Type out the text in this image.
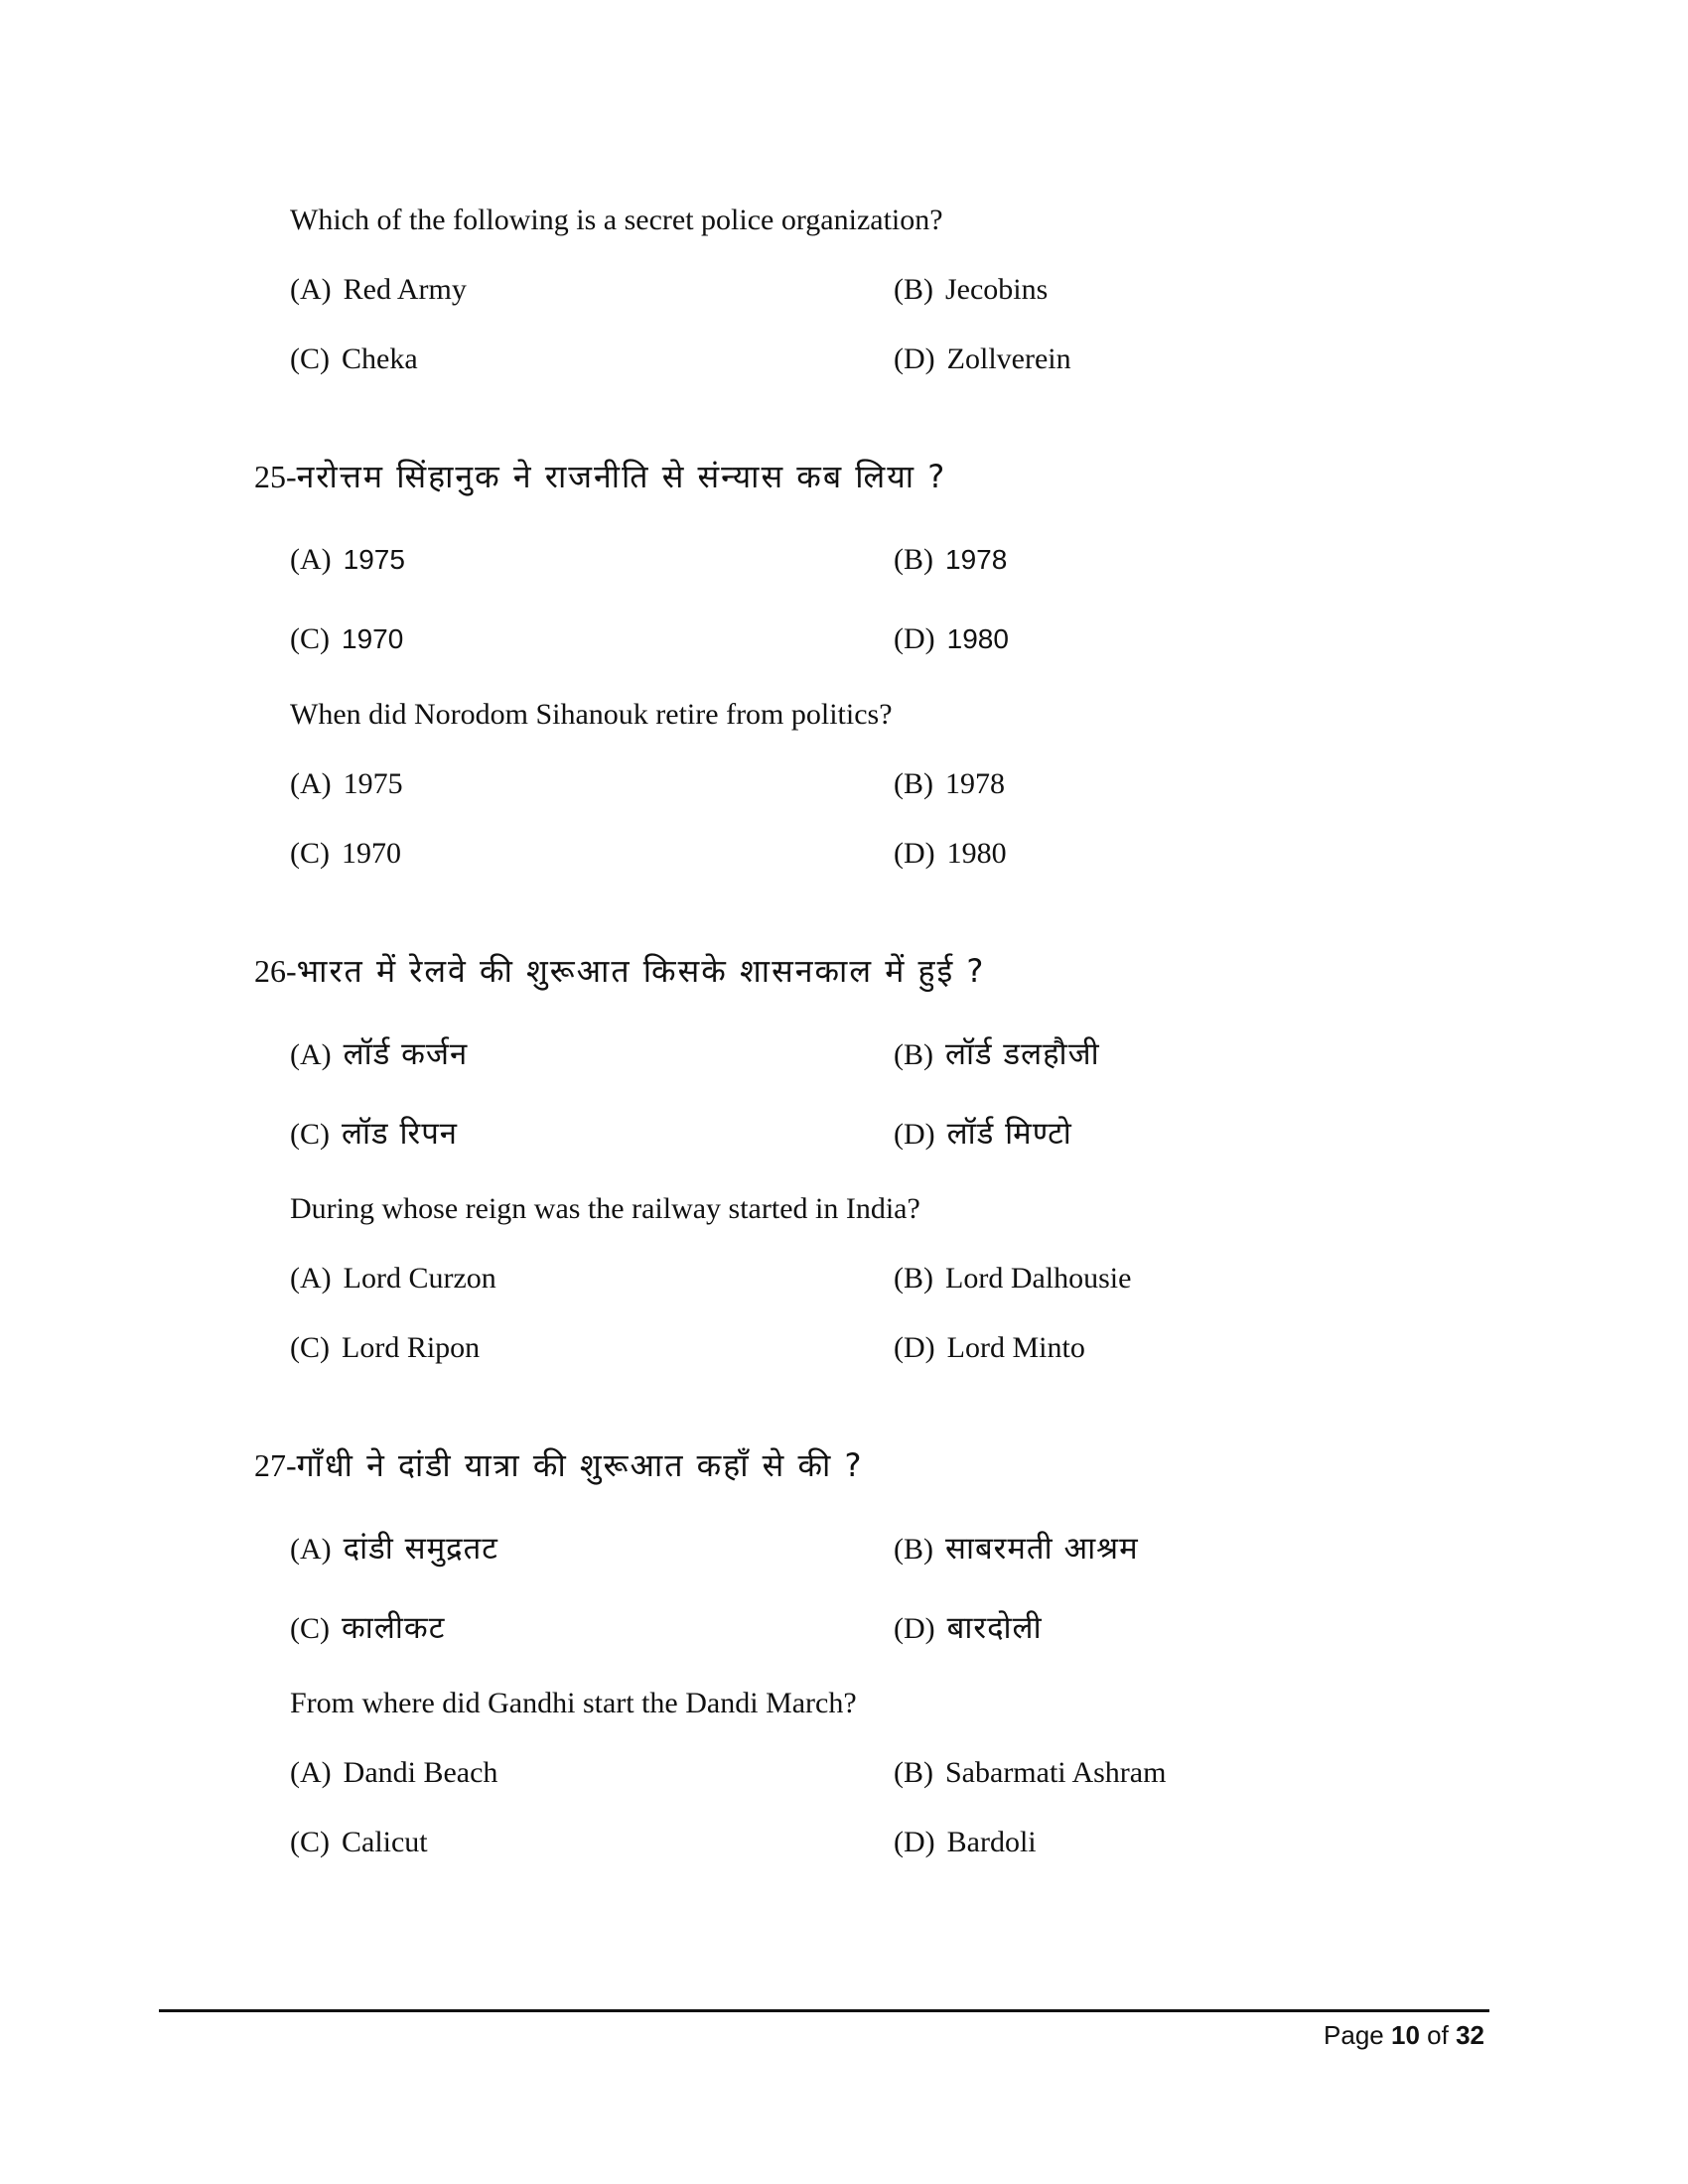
Which of the following is a secret police organization?
(A) Red Army	(B) Jecobins
(C) Cheka	(D) Zollverein
25-नरोत्तम सिंहानुक ने राजनीति से संन्यास कब लिया ?
(A) 1975	(B) 1978
(C) 1970	(D) 1980
When did Norodom Sihanouk retire from politics?
(A) 1975	(B) 1978
(C) 1970	(D) 1980
26-भारत में रेलवे की शुरूआत किसके शासनकाल में हुई ?
(A) लॉर्ड कर्जन	(B) लॉर्ड डलहौजी
(C) लॉड रिपन	(D) लॉर्ड मिण्टो
During whose reign was the railway started in India?
(A) Lord Curzon	(B) Lord Dalhousie
(C) Lord Ripon	(D) Lord Minto
27-गाँधी ने दांडी यात्रा की शुरूआत कहाँ से की ?
(A) दांडी समुद्रतट	(B) साबरमती आश्रम
(C) कालीकट	(D) बारदोली
From where did Gandhi start the Dandi March?
(A) Dandi Beach	(B) Sabarmati Ashram
(C) Calicut	(D) Bardoli
Page 10 of 32
